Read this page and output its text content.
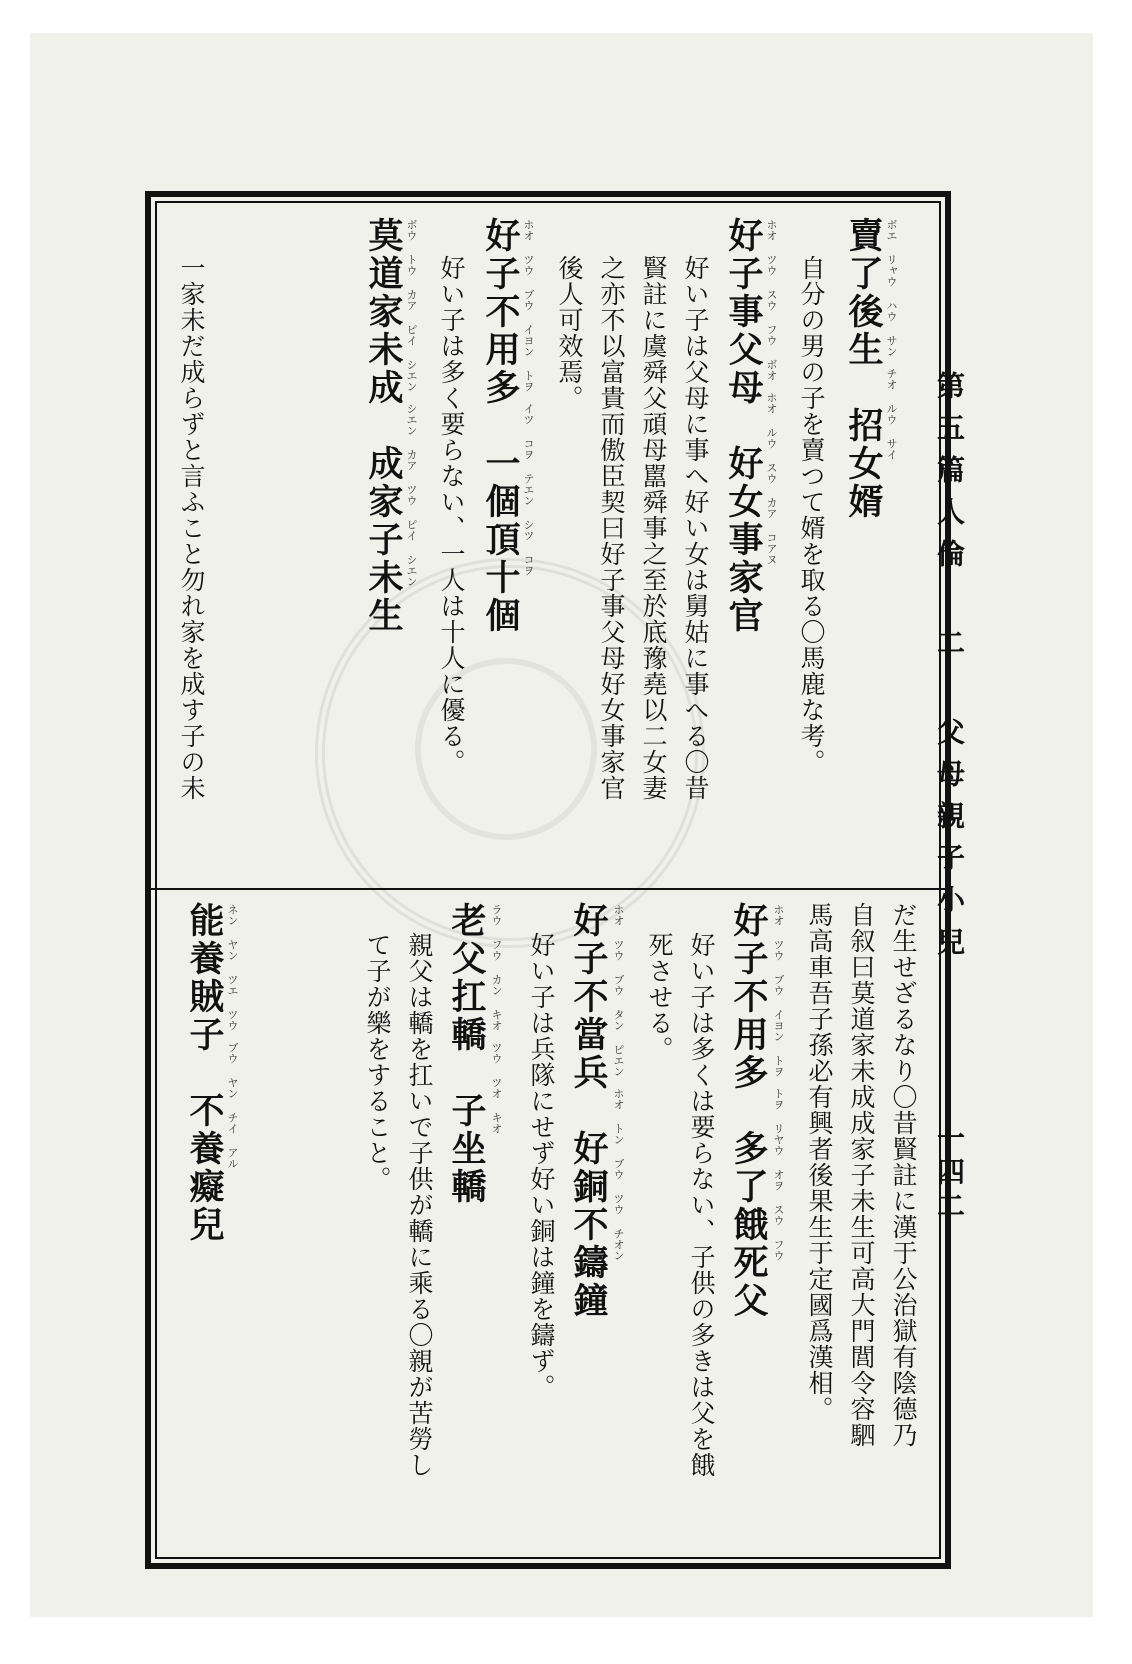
第五篇人倫 二 父母親子小兒
一四二
ボエ リャウ ハウ サン　チオ ルウ サイ
賣了後生　招女婿
自分の男の子を賣つて婿を取る〇馬鹿な考。
ホオ ツウ スウ フウ ボオ　ホオ ルウ スウ カア コアヌ
好子事父母　好女事家官
好い子は父母に事へ好い女は舅姑に事へる〇昔
賢註に虞舜父頑母嚚舜事之至於底豫堯以二女妻
之亦不以富貴而傲臣契曰好子事父母好女事家官
後人可效焉。
ホオ ツウ ブウ イヨン トヲ　イツ コヲ テエン シツ コヲ
好子不用多　一個頂十個
好い子は多く要らない、一人は十人に優る。
ボウ トウ カア ピイ シエン　シエン カア ツウ ピイ シエン
莫道家未成　成家子未生
一家未だ成らずと言ふこと勿れ家を成す子の未
だ生せざるなり〇昔賢註に漢于公治獄有陰德乃
自叙曰莫道家未成成家子未生可高大門閭令容駟
馬高車吾子孫必有興者後果生于定國爲漢相。
ホオ ツウ ブウ イヨン トヲ　トヲ リヤウ オヲ スウ フウ
好子不用多　多了餓死父
好い子は多くは要らない、子供の多きは父を餓
死させる。
ホオ ツウ ブウ タン ピエン　ホオ トン ブウ ツウ チオン
好子不當兵　好銅不鑄鐘
好い子は兵隊にせず好い銅は鐘を鑄ず。
ラウ フウ カン キオ　ツウ ツオ キオ
老父扛轎　子坐轎
親父は轎を扛いで子供が轎に乘る〇親が苦勞し
て子が樂をすること。
ネン ヤン ツエ ツウ　ブウ ヤン チイ アル
能養賊子　不養癡兒
